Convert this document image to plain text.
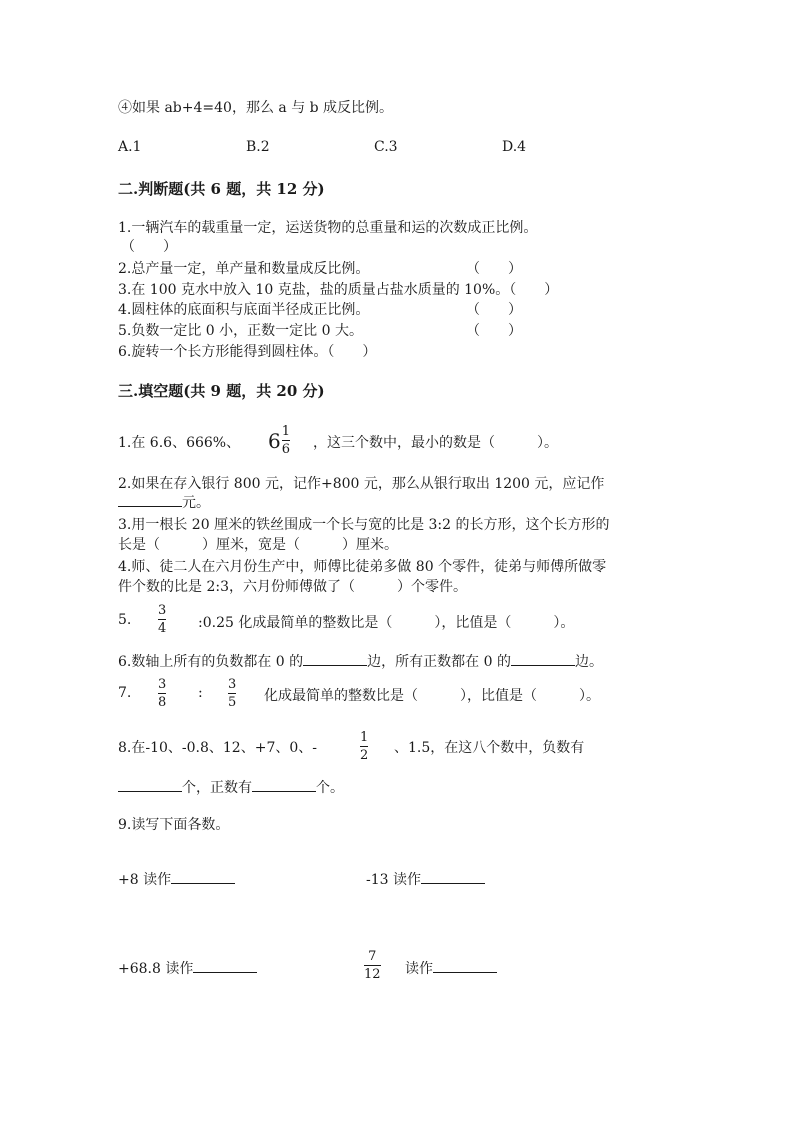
④如果 ab+4=40，那么 a 与 b 成反比例。
A.1	B.2	C.3	D.4
二.判断题(共 6 题，共 12 分)
1.一辆汽车的载重量一定，运送货物的总重量和运的次数成正比例。
（　　）
2.总产量一定，单产量和数量成反比例。	（　　）
3.在 100 克水中放入 10 克盐，盐的质量占盐水质量的 10%。（　　）
4.圆柱体的底面积与底面半径成正比例。	（　　）
5.负数一定比 0 小，正数一定比 0 大。	（　　）
6.旋转一个长方形能得到圆柱体。（　　）
三.填空题(共 9 题，共 20 分)
1.在 6.6、666%、 $6 \frac{1}{6}$ ，这三个数中，最小的数是（　　　）。
2.如果在存入银行 800 元，记作+800 元，那么从银行取出 1200 元，应记作
元。
3.用一根长 20 厘米的铁丝围成一个长与宽的比是 3:2 的长方形，这个长方形的
长是（　　　）厘米，宽是（　　　）厘米。
4.师、徒二人在六月份生产中，师傅比徒弟多做 80 个零件，徒弟与师傅所做零
件个数的比是 2:3，六月份师傅做了（　　　）个零件。
5.
3
4 :0.25 化成最简单的整数比是（　　　），比值是（　　　）。
6.数轴上所有的负数都在 0 的	边，所有正数都在 0 的	边。
7.
3
8
:
3
5 化成最简单的整数比是（　　　），比值是（　　　）。
8.在-10、-0.8、12、+7、0、-
1
2 、1.5，在这八个数中，负数有
个，正数有	个。
9.读写下面各数。
+8 读作	-13 读作
+68.8 读作
7
12 读作
